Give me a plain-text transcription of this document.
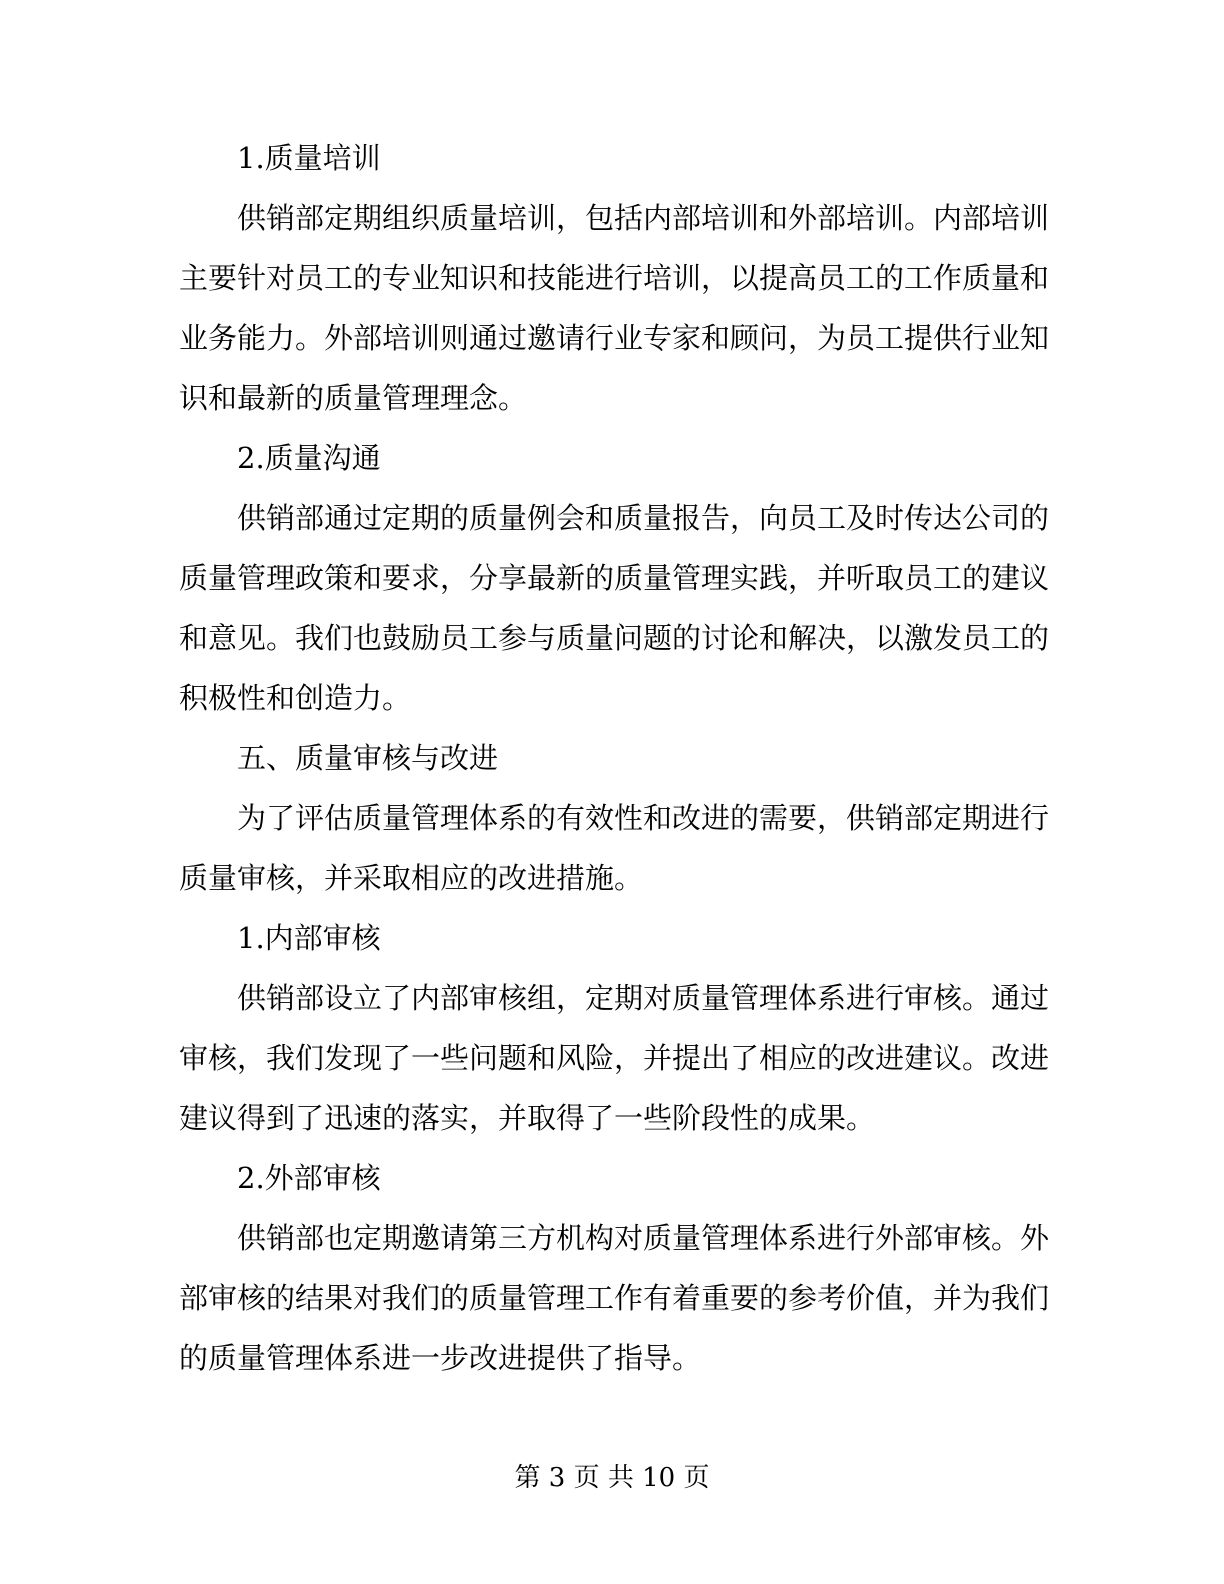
1.质量培训

供销部定期组织质量培训，包括内部培训和外部培训。内部培训

主要针对员工的专业知识和技能进行培训，以提高员工的工作质量和

业务能力。外部培训则通过邀请行业专家和顾问，为员工提供行业知

识和最新的质量管理理念。

2.质量沟通

供销部通过定期的质量例会和质量报告，向员工及时传达公司的

质量管理政策和要求，分享最新的质量管理实践，并听取员工的建议

和意见。我们也鼓励员工参与质量问题的讨论和解决，以激发员工的

积极性和创造力。

五、质量审核与改进

为了评估质量管理体系的有效性和改进的需要，供销部定期进行

质量审核，并采取相应的改进措施。

1.内部审核

供销部设立了内部审核组，定期对质量管理体系进行审核。通过

审核，我们发现了一些问题和风险，并提出了相应的改进建议。改进

建议得到了迅速的落实，并取得了一些阶段性的成果。

2.外部审核

供销部也定期邀请第三方机构对质量管理体系进行外部审核。外

部审核的结果对我们的质量管理工作有着重要的参考价值，并为我们

的质量管理体系进一步改进提供了指导。

第 3 页 共 10 页
